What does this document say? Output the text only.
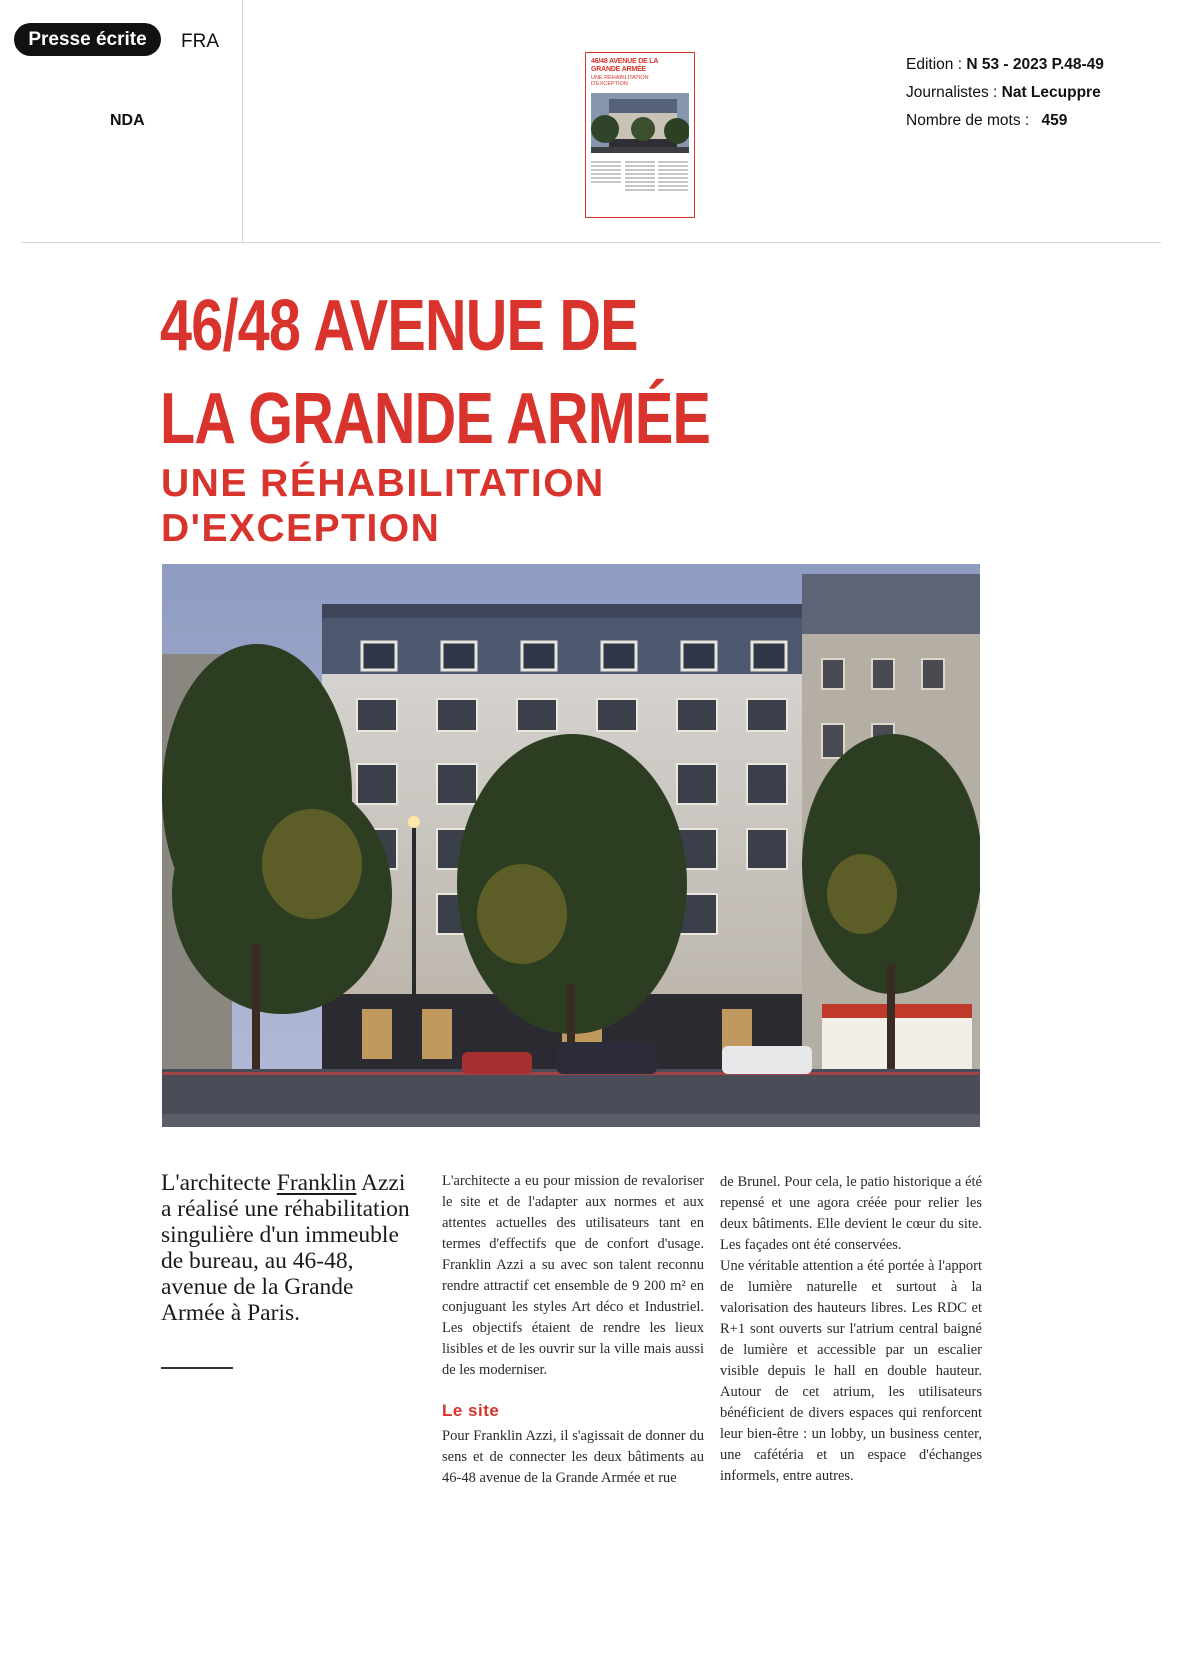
Presse écrite	FRA
NDA
46/48 AVENUE DE LA GRANDE ARMÉE
UNE RÉHABILITATION D'EXCEPTION
Edition : N 53 - 2023 P.48-49
Journalistes : Nat Lecuppre
Nombre de mots : 459
46/48 AVENUE DE
LA GRANDE ARMÉE
UNE RÉHABILITATION
D'EXCEPTION
L'architecte Franklin Azzi a réalisé une réhabilitation singulière d'un immeuble de bureau, au 46-48, avenue de la Grande Armée à Paris.

L'architecte a eu pour mission de revaloriser le site et de l'adapter aux normes et aux attentes actuelles des utilisateurs tant en termes d'effectifs que de confort d'usage. Franklin Azzi a su avec son talent reconnu rendre attractif cet ensemble de 9 200 m² en conjuguant les styles Art déco et Industriel. Les objectifs étaient de rendre les lieux lisibles et de les ouvrir sur la ville mais aussi de les moderniser.

Le site

Pour Franklin Azzi, il s'agissait de donner du sens et de connecter les deux bâtiments au 46-48 avenue de la Grande Armée et rue

de Brunel. Pour cela, le patio historique a été repensé et une agora créée pour relier les deux bâtiments. Elle devient le cœur du site. Les façades ont été conservées.

Une véritable attention a été portée à l'apport de lumière naturelle et surtout à la valorisation des hauteurs libres. Les RDC et R+1 sont ouverts sur l'atrium central baigné de lumière et accessible par un escalier visible depuis le hall en double hauteur. Autour de cet atrium, les utilisateurs bénéficient de divers espaces qui renforcent leur bien-être : un lobby, un business center, une cafétéria et un espace d'échanges informels, entre autres.
